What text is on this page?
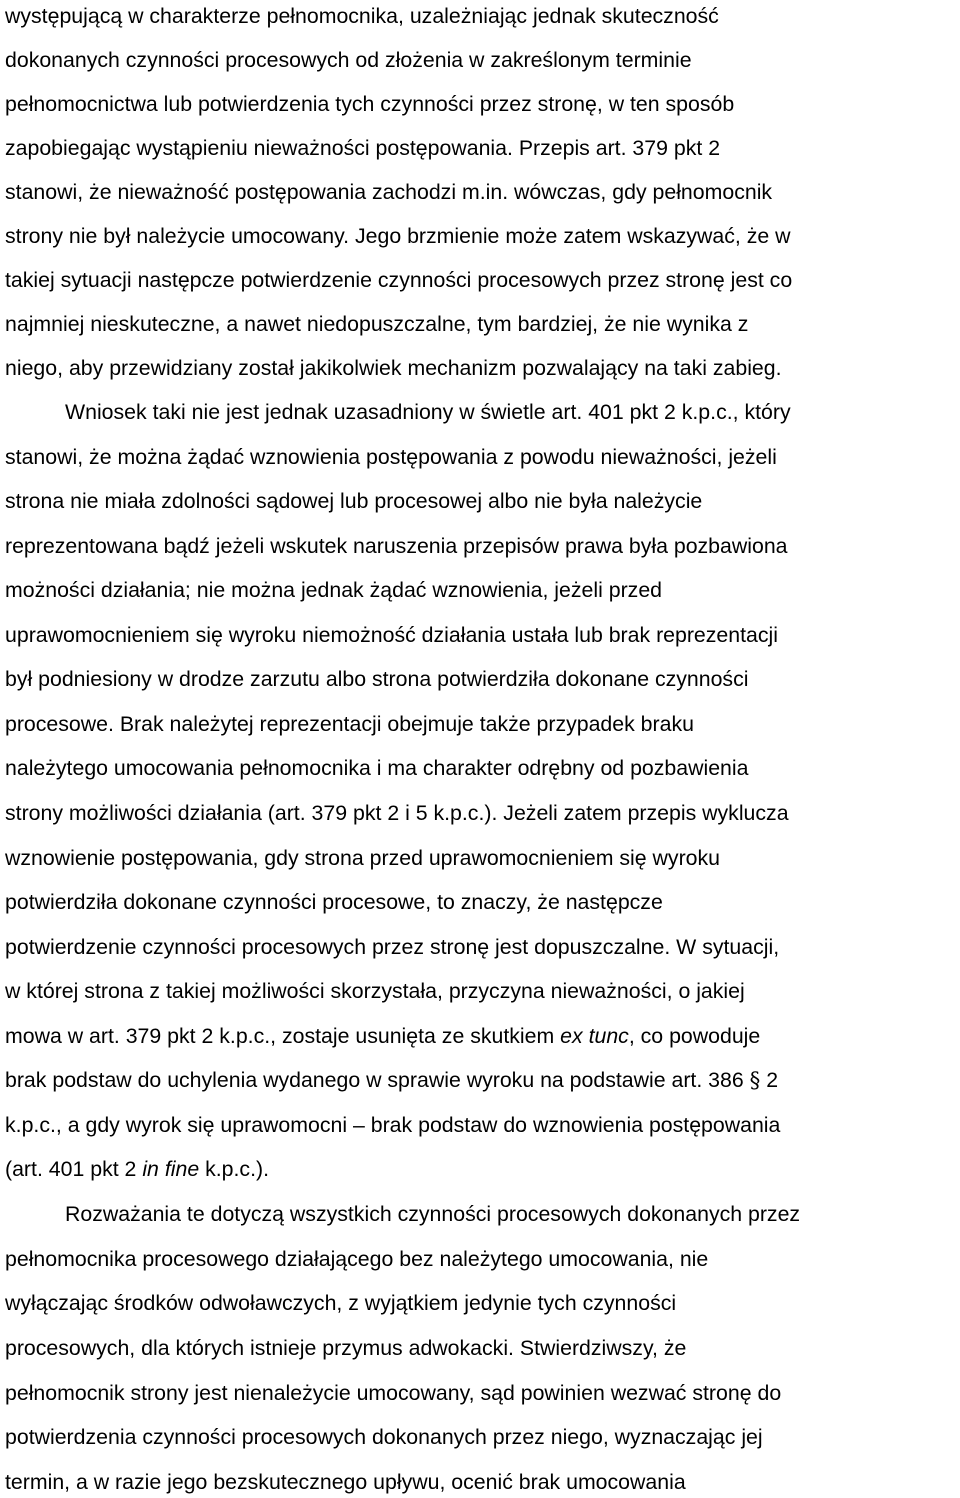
występującą w charakterze pełnomocnika, uzależniając jednak skuteczność
dokonanych czynności procesowych od złożenia w zakreślonym terminie
pełnomocnictwa lub potwierdzenia tych czynności przez stronę, w ten sposób
zapobiegając wystąpieniu nieważności postępowania. Przepis art. 379 pkt 2
stanowi, że nieważność postępowania zachodzi m.in. wówczas, gdy pełnomocnik
strony nie był należycie umocowany. Jego brzmienie może zatem wskazywać, że w
takiej sytuacji następcze potwierdzenie czynności procesowych przez stronę jest co
najmniej nieskuteczne, a nawet niedopuszczalne, tym bardziej, że nie wynika z
niego, aby przewidziany został jakikolwiek mechanizm pozwalający na taki zabieg.
Wniosek taki nie jest jednak uzasadniony w świetle art. 401 pkt 2 k.p.c., który
stanowi, że można żądać wznowienia postępowania z powodu nieważności, jeżeli
strona nie miała zdolności sądowej lub procesowej albo nie była należycie
reprezentowana bądź jeżeli wskutek naruszenia przepisów prawa była pozbawiona
możności działania; nie można jednak żądać wznowienia, jeżeli przed
uprawomocnieniem się wyroku niemożność działania ustała lub brak reprezentacji
był podniesiony w drodze zarzutu albo strona potwierdziła dokonane czynności
procesowe. Brak należytej reprezentacji obejmuje także przypadek braku
należytego umocowania pełnomocnika i ma charakter odrębny od pozbawienia
strony możliwości działania (art. 379 pkt 2 i 5 k.p.c.). Jeżeli zatem przepis wyklucza
wznowienie postępowania, gdy strona przed uprawomocnieniem się wyroku
potwierdziła dokonane czynności procesowe, to znaczy, że następcze
potwierdzenie czynności procesowych przez stronę jest dopuszczalne. W sytuacji,
w której strona z takiej możliwości skorzystała, przyczyna nieważności, o jakiej
mowa w art. 379 pkt 2 k.p.c., zostaje usunięta ze skutkiem ex tunc, co powoduje
brak podstaw do uchylenia wydanego w sprawie wyroku na podstawie art. 386 § 2
k.p.c., a gdy wyrok się uprawomocni – brak podstaw do wznowienia postępowania
(art. 401 pkt 2 in fine k.p.c.).
Rozważania te dotyczą wszystkich czynności procesowych dokonanych przez
pełnomocnika procesowego działającego bez należytego umocowania, nie
wyłączając środków odwoławczych, z wyjątkiem jedynie tych czynności
procesowych, dla których istnieje przymus adwokacki. Stwierdziwszy, że
pełnomocnik strony jest nienależycie umocowany, sąd powinien wezwać stronę do
potwierdzenia czynności procesowych dokonanych przez niego, wyznaczając jej
termin, a w razie jego bezskutecznego upływu, ocenić brak umocowania
